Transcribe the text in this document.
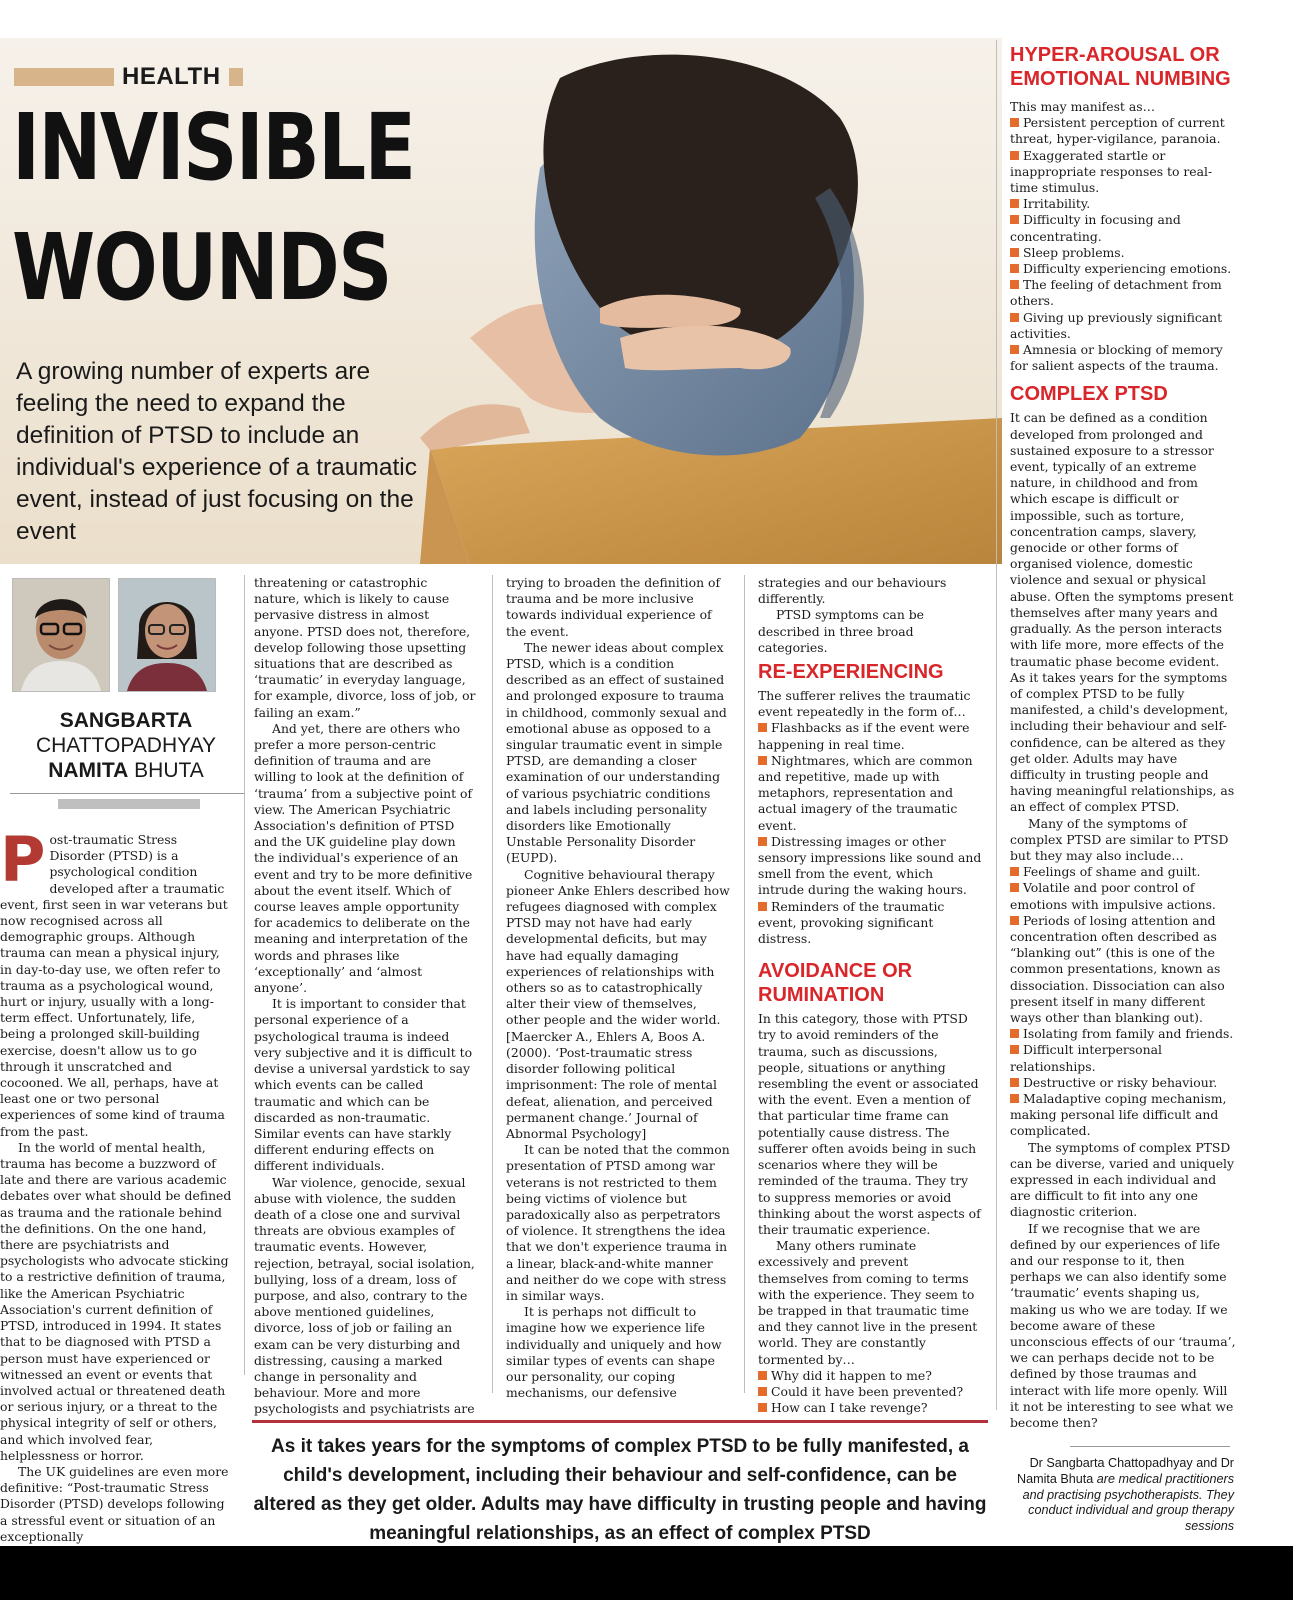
HEALTH
INVISIBLE
WOUNDS
A growing number of experts are feeling the need to expand the definition of PTSD to include an individual's experience of a traumatic event, instead of just focusing on the event
SANGBARTA
CHATTOPADHYAY
NAMITA BHUTA

Post-traumatic Stress Disorder (PTSD) is a psychological condition developed after a traumatic event, first seen in war veterans but now recognised across all demographic groups. Although trauma can mean a physical injury, in day-to-day use, we often refer to trauma as a psychological wound, hurt or injury, usually with a long-term effect. Unfortunately, life, being a prolonged skill-building exercise, doesn't allow us to go through it unscratched and cocooned. We all, perhaps, have at least one or two personal experiences of some kind of trauma from the past.

In the world of mental health, trauma has become a buzzword of late and there are various academic debates over what should be defined as trauma and the rationale behind the definitions. On the one hand, there are psychiatrists and psychologists who advocate sticking to a restrictive definition of trauma, like the American Psychiatric Association's current definition of PTSD, introduced in 1994. It states that to be diagnosed with PTSD a person must have experienced or witnessed an event or events that involved actual or threatened death or serious injury, or a threat to the physical integrity of self or others, and which involved fear, helplessness or horror.

The UK guidelines are even more definitive: “Post-traumatic Stress Disorder (PTSD) develops following a stressful event or situation of an exceptionally

threatening or catastrophic nature, which is likely to cause pervasive distress in almost anyone. PTSD does not, therefore, develop following those upsetting situations that are described as ‘traumatic’ in everyday language, for example, divorce, loss of job, or failing an exam.”

And yet, there are others who prefer a more person-centric definition of trauma and are willing to look at the definition of ‘trauma’ from a subjective point of view. The American Psychiatric Association's definition of PTSD and the UK guideline play down the individual's experience of an event and try to be more definitive about the event itself. Which of course leaves ample opportunity for academics to deliberate on the meaning and interpretation of the words and phrases like ‘exceptionally’ and ‘almost anyone’.

It is important to consider that personal experience of a psychological trauma is indeed very subjective and it is difficult to devise a universal yardstick to say which events can be called traumatic and which can be discarded as non-traumatic. Similar events can have starkly different enduring effects on different individuals.

War violence, genocide, sexual abuse with violence, the sudden death of a close one and survival threats are obvious examples of traumatic events. However, rejection, betrayal, social isolation, bullying, loss of a dream, loss of purpose, and also, contrary to the above mentioned guidelines, divorce, loss of job or failing an exam can be very disturbing and distressing, causing a marked change in personality and behaviour. More and more psychologists and psychiatrists are

trying to broaden the definition of trauma and be more inclusive towards individual experience of the event.

The newer ideas about complex PTSD, which is a condition described as an effect of sustained and prolonged exposure to trauma in childhood, commonly sexual and emotional abuse as opposed to a singular traumatic event in simple PTSD, are demanding a closer examination of our understanding of various psychiatric conditions and labels including personality disorders like Emotionally Unstable Personality Disorder (EUPD).

Cognitive behavioural therapy pioneer Anke Ehlers described how refugees diagnosed with complex PTSD may not have had early developmental deficits, but may have had equally damaging experiences of relationships with others so as to catastrophically alter their view of themselves, other people and the wider world. [Maercker A., Ehlers A, Boos A. (2000). ‘Post-traumatic stress disorder following political imprisonment: The role of mental defeat, alienation, and perceived permanent change.’ Journal of Abnormal Psychology]

It can be noted that the common presentation of PTSD among war veterans is not restricted to them being victims of violence but paradoxically also as perpetrators of violence. It strengthens the idea that we don't experience trauma in a linear, black-and-white manner and neither do we cope with stress in similar ways.

It is perhaps not difficult to imagine how we experience life individually and uniquely and how similar types of events can shape our personality, our coping mechanisms, our defensive

strategies and our behaviours differently.

PTSD symptoms can be described in three broad categories.

RE-EXPERIENCING

The sufferer relives the traumatic event repeatedly in the form of…

Flashbacks as if the event were happening in real time.

Nightmares, which are common and repetitive, made up with metaphors, representation and actual imagery of the traumatic event.

Distressing images or other sensory impressions like sound and smell from the event, which intrude during the waking hours.

Reminders of the traumatic event, provoking significant distress.

AVOIDANCE OR RUMINATION

In this category, those with PTSD try to avoid reminders of the trauma, such as discussions, people, situations or anything resembling the event or associated with the event. Even a mention of that particular time frame can potentially cause distress. The sufferer often avoids being in such scenarios where they will be reminded of the trauma. They try to suppress memories or avoid thinking about the worst aspects of their traumatic experience.

Many others ruminate excessively and prevent themselves from coming to terms with the experience. They seem to be trapped in that traumatic time and they cannot live in the present world. They are constantly tormented by…

Why did it happen to me?

Could it have been prevented?

How can I take revenge?

HYPER-AROUSAL OR EMOTIONAL NUMBING

This may manifest as…

Persistent perception of current threat, hyper-vigilance, paranoia.

Exaggerated startle or inappropriate responses to real-time stimulus.

Irritability.

Difficulty in focusing and concentrating.

Sleep problems.

Difficulty experiencing emotions.

The feeling of detachment from others.

Giving up previously significant activities.

Amnesia or blocking of memory for salient aspects of the trauma.

COMPLEX PTSD

It can be defined as a condition developed from prolonged and sustained exposure to a stressor event, typically of an extreme nature, in childhood and from which escape is difficult or impossible, such as torture, concentration camps, slavery, genocide or other forms of organised violence, domestic violence and sexual or physical abuse. Often the symptoms present themselves after many years and gradually. As the person interacts with life more, more effects of the traumatic phase become evident. As it takes years for the symptoms of complex PTSD to be fully manifested, a child's development, including their behaviour and self-confidence, can be altered as they get older. Adults may have difficulty in trusting people and having meaningful relationships, as an effect of complex PTSD.

Many of the symptoms of complex PTSD are similar to PTSD but they may also include…

Feelings of shame and guilt.

Volatile and poor control of emotions with impulsive actions.

Periods of losing attention and concentration often described as “blanking out” (this is one of the common presentations, known as dissociation. Dissociation can also present itself in many different ways other than blanking out).

Isolating from family and friends.

Difficult interpersonal relationships.

Destructive or risky behaviour.

Maladaptive coping mechanism, making personal life difficult and complicated.

The symptoms of complex PTSD can be diverse, varied and uniquely expressed in each individual and are difficult to fit into any one diagnostic criterion.

If we recognise that we are defined by our experiences of life and our response to it, then perhaps we can also identify some ‘traumatic’ events shaping us, making us who we are today. If we become aware of these unconscious effects of our ‘trauma’, we can perhaps decide not to be defined by those traumas and interact with life more openly. Will it not be interesting to see what we become then?

As it takes years for the symptoms of complex PTSD to be fully manifested, a child's development, including their behaviour and self-confidence, can be altered as they get older. Adults may have difficulty in trusting people and having meaningful relationships, as an effect of complex PTSD
Dr Sangbarta Chattopadhyay and Dr Namita Bhuta are medical practitioners and practising psychotherapists. They conduct individual and group therapy sessions
